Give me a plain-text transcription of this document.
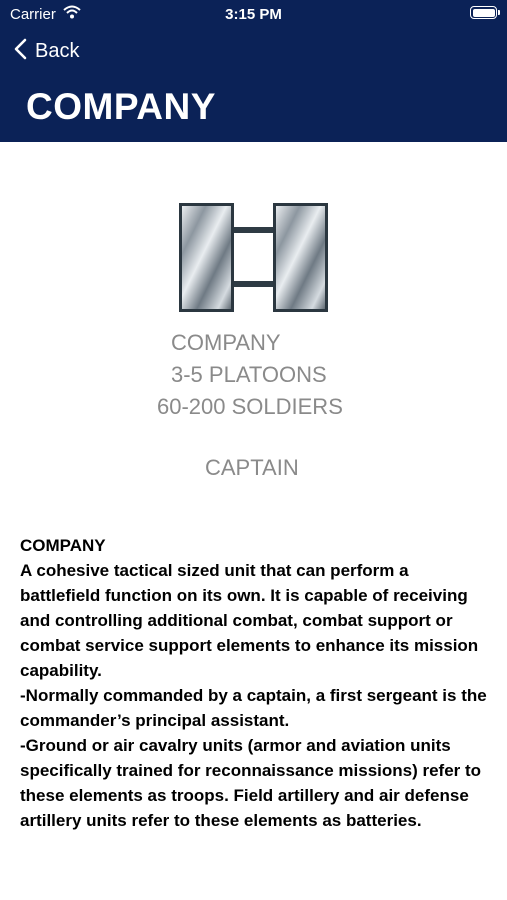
Carrier	3:15 PM
Back
COMPANY
COMPANY
3-5 PLATOONS
60-200 SOLDIERS
CAPTAIN

COMPANY

A cohesive tactical sized unit that can perform a battlefield function on its own. It is capable of receiving and controlling additional combat, combat support or combat service support elements to enhance its mission capability.

-Normally commanded by a captain, a first sergeant is the commander’s principal assistant.

-Ground or air cavalry units (armor and aviation units specifically trained for reconnaissance missions) refer to these elements as troops. Field artillery and air defense artillery units refer to these elements as batteries.
